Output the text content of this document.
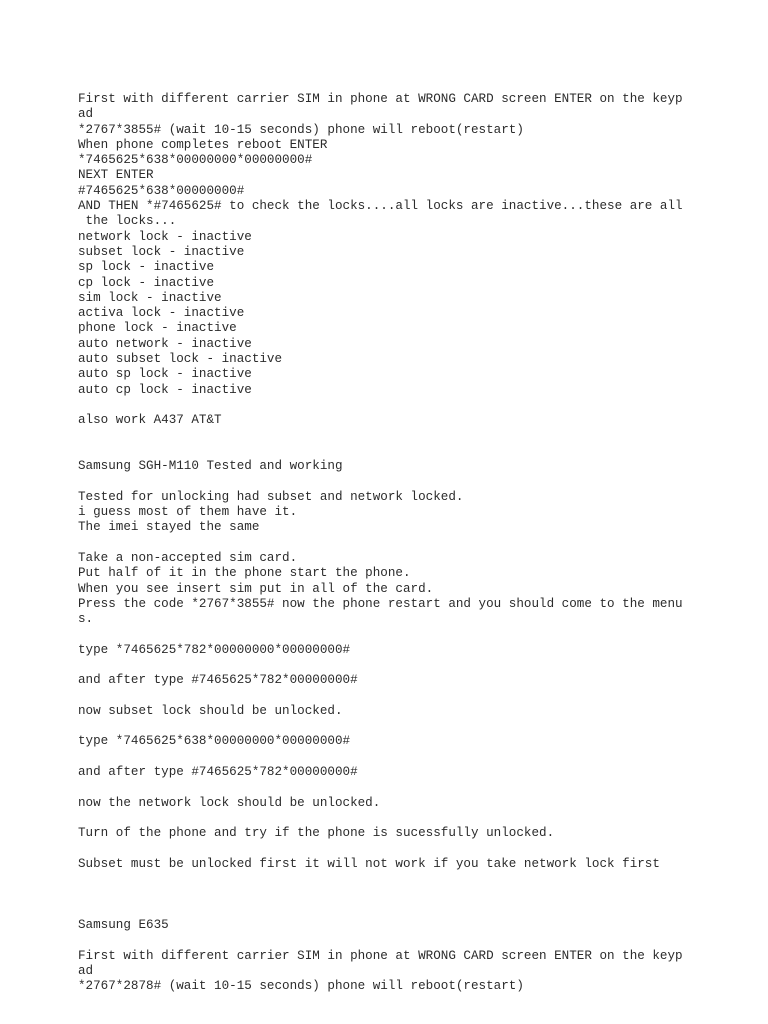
First with different carrier SIM in phone at WRONG CARD screen ENTER on the keyp
ad
*2767*3855# (wait 10-15 seconds) phone will reboot(restart)
When phone completes reboot ENTER
*7465625*638*00000000*00000000#
NEXT ENTER
#7465625*638*00000000#
AND THEN *#7465625# to check the locks....all locks are inactive...these are all
the locks...
network lock - inactive
subset lock - inactive
sp lock - inactive
cp lock - inactive
sim lock - inactive
activa lock - inactive
phone lock - inactive
auto network - inactive
auto subset lock - inactive
auto sp lock - inactive
auto cp lock - inactive
also work A437 AT&T
Samsung SGH-M110 Tested and working
Tested for unlocking had subset and network locked.
i guess most of them have it.
The imei stayed the same
Take a non-accepted sim card.
Put half of it in the phone start the phone.
When you see insert sim put in all of the card.
Press the code *2767*3855# now the phone restart and you should come to the menu
s.
type *7465625*782*00000000*00000000#
and after type #7465625*782*00000000#
now subset lock should be unlocked.
type *7465625*638*00000000*00000000#
and after type #7465625*782*00000000#
now the network lock should be unlocked.
Turn of the phone and try if the phone is sucessfully unlocked.
Subset must be unlocked first it will not work if you take network lock first
Samsung E635
First with different carrier SIM in phone at WRONG CARD screen ENTER on the keyp
ad
*2767*2878# (wait 10-15 seconds) phone will reboot(restart)
